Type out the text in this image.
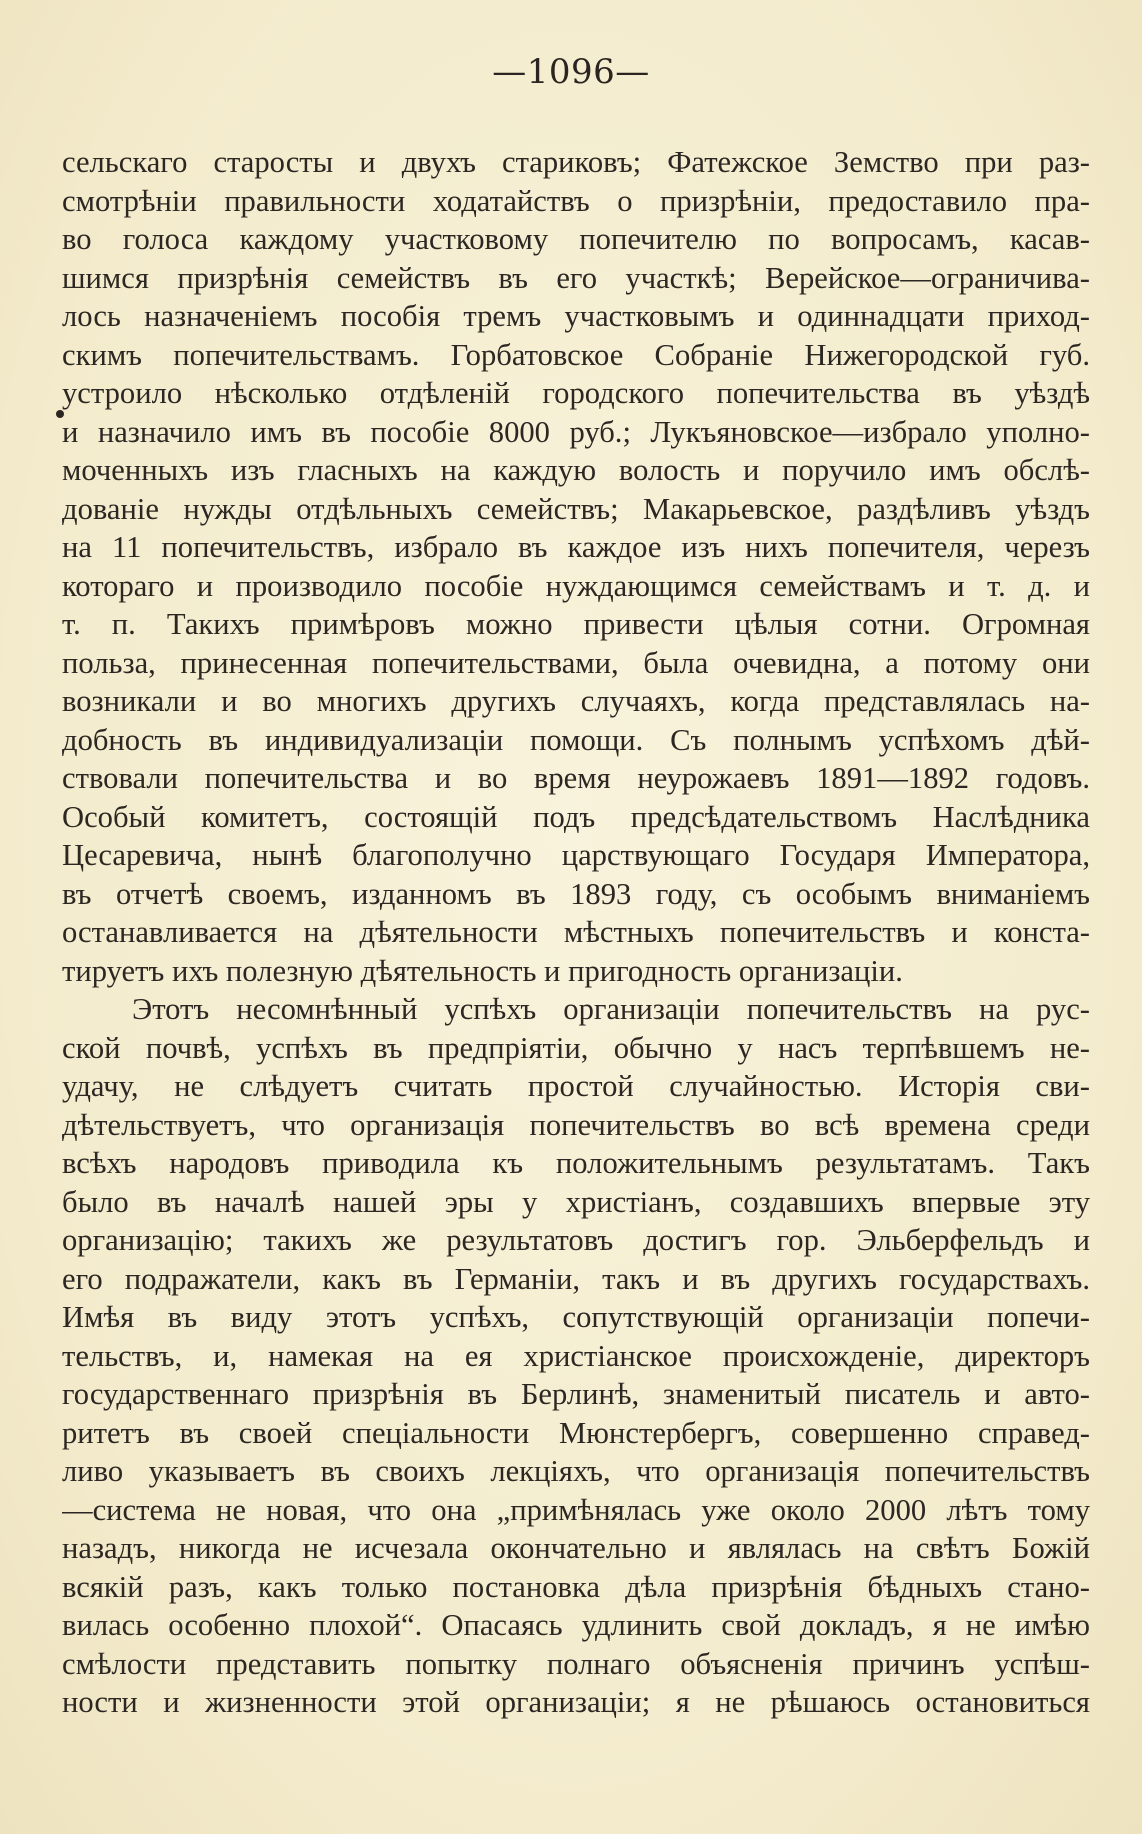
—1096—
сельскаго старосты и двухъ стариковъ; Фатежское Земство при раз-
смотрѣніи правильности ходатайствъ о призрѣніи, предоставило пра-
во голоса каждому участковому попечителю по вопросамъ, касав-
шимся призрѣнія семействъ въ его участкѣ; Верейское—ограничива-
лось назначеніемъ пособія тремъ участковымъ и одиннадцати приход-
скимъ попечительствамъ. Горбатовское Собраніе Нижегородской губ.
устроило нѣсколько отдѣленій городского попечительства въ уѣздѣ
и назначило имъ въ пособіе 8000 руб.; Лукъяновское—избрало уполно-
моченныхъ изъ гласныхъ на каждую волость и поручило имъ обслѣ-
дованіе нужды отдѣльныхъ семействъ; Макарьевское, раздѣливъ уѣздъ
на 11 попечительствъ, избрало въ каждое изъ нихъ попечителя, черезъ
котораго и производило пособіе нуждающимся семействамъ и т. д. и
т. п. Такихъ примѣровъ можно привести цѣлыя сотни. Огромная
польза, принесенная попечительствами, была очевидна, а потому они
возникали и во многихъ другихъ случаяхъ, когда представлялась на-
добность въ индивидуализаціи помощи. Съ полнымъ успѣхомъ дѣй-
ствовали попечительства и во время неурожаевъ 1891—1892 годовъ.
Особый комитетъ, состоящій подъ предсѣдательствомъ Наслѣдника
Цесаревича, нынѣ благополучно царствующаго Государя Императора,
въ отчетѣ своемъ, изданномъ въ 1893 году, съ особымъ вниманіемъ
останавливается на дѣятельности мѣстныхъ попечительствъ и конста-
тируетъ ихъ полезную дѣятельность и пригодность организаціи.
Этотъ несомнѣнный успѣхъ организаціи попечительствъ на рус-
ской почвѣ, успѣхъ въ предпріятіи, обычно у насъ терпѣвшемъ не-
удачу, не слѣдуетъ считать простой случайностью. Исторія сви-
дѣтельствуетъ, что организація попечительствъ во всѣ времена среди
всѣхъ народовъ приводила къ положительнымъ результатамъ. Такъ
было въ началѣ нашей эры у христіанъ, создавшихъ впервые эту
организацію; такихъ же результатовъ достигъ гор. Эльберфельдъ и
его подражатели, какъ въ Германіи, такъ и въ другихъ государствахъ.
Имѣя въ виду этотъ успѣхъ, сопутствующій организаціи попечи-
тельствъ, и, намекая на ея христіанское происхожденіе, директоръ
государственнаго призрѣнія въ Берлинѣ, знаменитый писатель и авто-
ритетъ въ своей спеціальности Мюнстербергъ, совершенно справед-
ливо указываетъ въ своихъ лекціяхъ, что организація попечительствъ
—система не новая, что она „примѣнялась уже около 2000 лѣтъ тому
назадъ, никогда не исчезала окончательно и являлась на свѣтъ Божій
всякій разъ, какъ только постановка дѣла призрѣнія бѣдныхъ стано-
вилась особенно плохой“. Опасаясь удлинить свой докладъ, я не имѣю
смѣлости представить попытку полнаго объясненія причинъ успѣш-
ности и жизненности этой организаціи; я не рѣшаюсь остановиться
